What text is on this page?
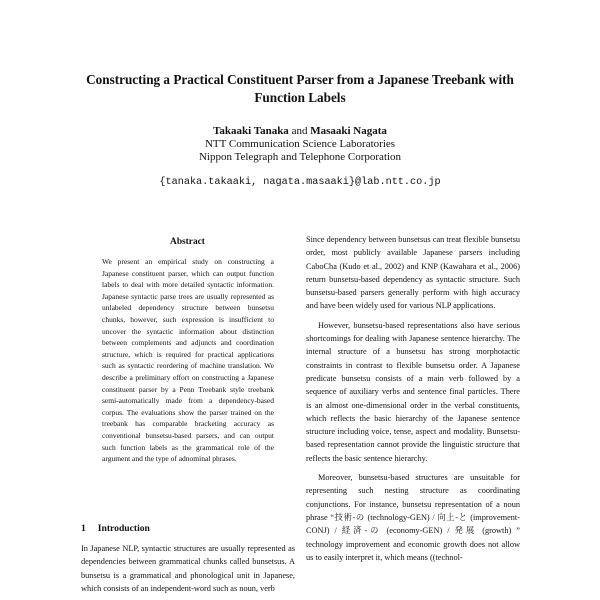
Constructing a Practical Constituent Parser from a Japanese Treebank with Function Labels
Takaaki Tanaka and Masaaki Nagata
NTT Communication Science Laboratories
Nippon Telegraph and Telephone Corporation
{tanaka.takaaki, nagata.masaaki}@lab.ntt.co.jp
Abstract
We present an empirical study on constructing a Japanese constituent parser, which can output function labels to deal with more detailed syntactic information. Japanese syntactic parse trees are usually represented as unlabeled dependency structure between bunsetsu chunks, however, such expression is insufficient to uncover the syntactic information about distinction between complements and adjuncts and coordination structure, which is required for practical applications such as syntactic reordering of machine translation. We describe a preliminary effort on constructing a Japanese constituent parser by a Penn Treebank style treebank semi-automatically made from a dependency-based corpus. The evaluations show the parser trained on the treebank has comparable bracketing accuracy as conventional bunsetsu-based parsers, and can output such function labels as the grammatical role of the argument and the type of adnominal phrases.
1 Introduction

In Japanese NLP, syntactic structures are usually represented as dependencies between grammatical chunks called bunsetsus. A bunsetsu is a grammatical and phonological unit in Japanese, which consists of an independent-word such as noun, verb

Since dependency between bunsetsus can treat flexible bunsetsu order, most publicly available Japanese parsers including CaboCha (Kudo et al., 2002) and KNP (Kawahara et al., 2006) return bunsetsu-based dependency as syntactic structure. Such bunsetsu-based parsers generally perform with high accuracy and have been widely used for various NLP applications.

However, bunsetsu-based representations also have serious shortcomings for dealing with Japanese sentence hierarchy. The internal structure of a bunsetsu has strong morphotactic constraints in contrast to flexible bunsetsu order. A Japanese predicate bunsetsu consists of a main verb followed by a sequence of auxiliary verbs and sentence final particles. There is an almost one-dimensional order in the verbal constituents, which reflects the basic hierarchy of the Japanese sentence structure including voice, tense, aspect and modality. Bunsetsu-based representation cannot provide the linguistic structure that reflects the basic sentence hierarchy.

Moreover, bunsetsu-based structures are unsuitable for representing such nesting structure as coordinating conjunctions. For instance, bunsetsu representation of a noun phrase “技術-の (technology-GEN) / 向上-と (improvement-CONJ) / 経済-の (economy-GEN) / 発展 (growth) ” technology improvement and economic growth does not allow us to easily interpret it, which means ((technol-
